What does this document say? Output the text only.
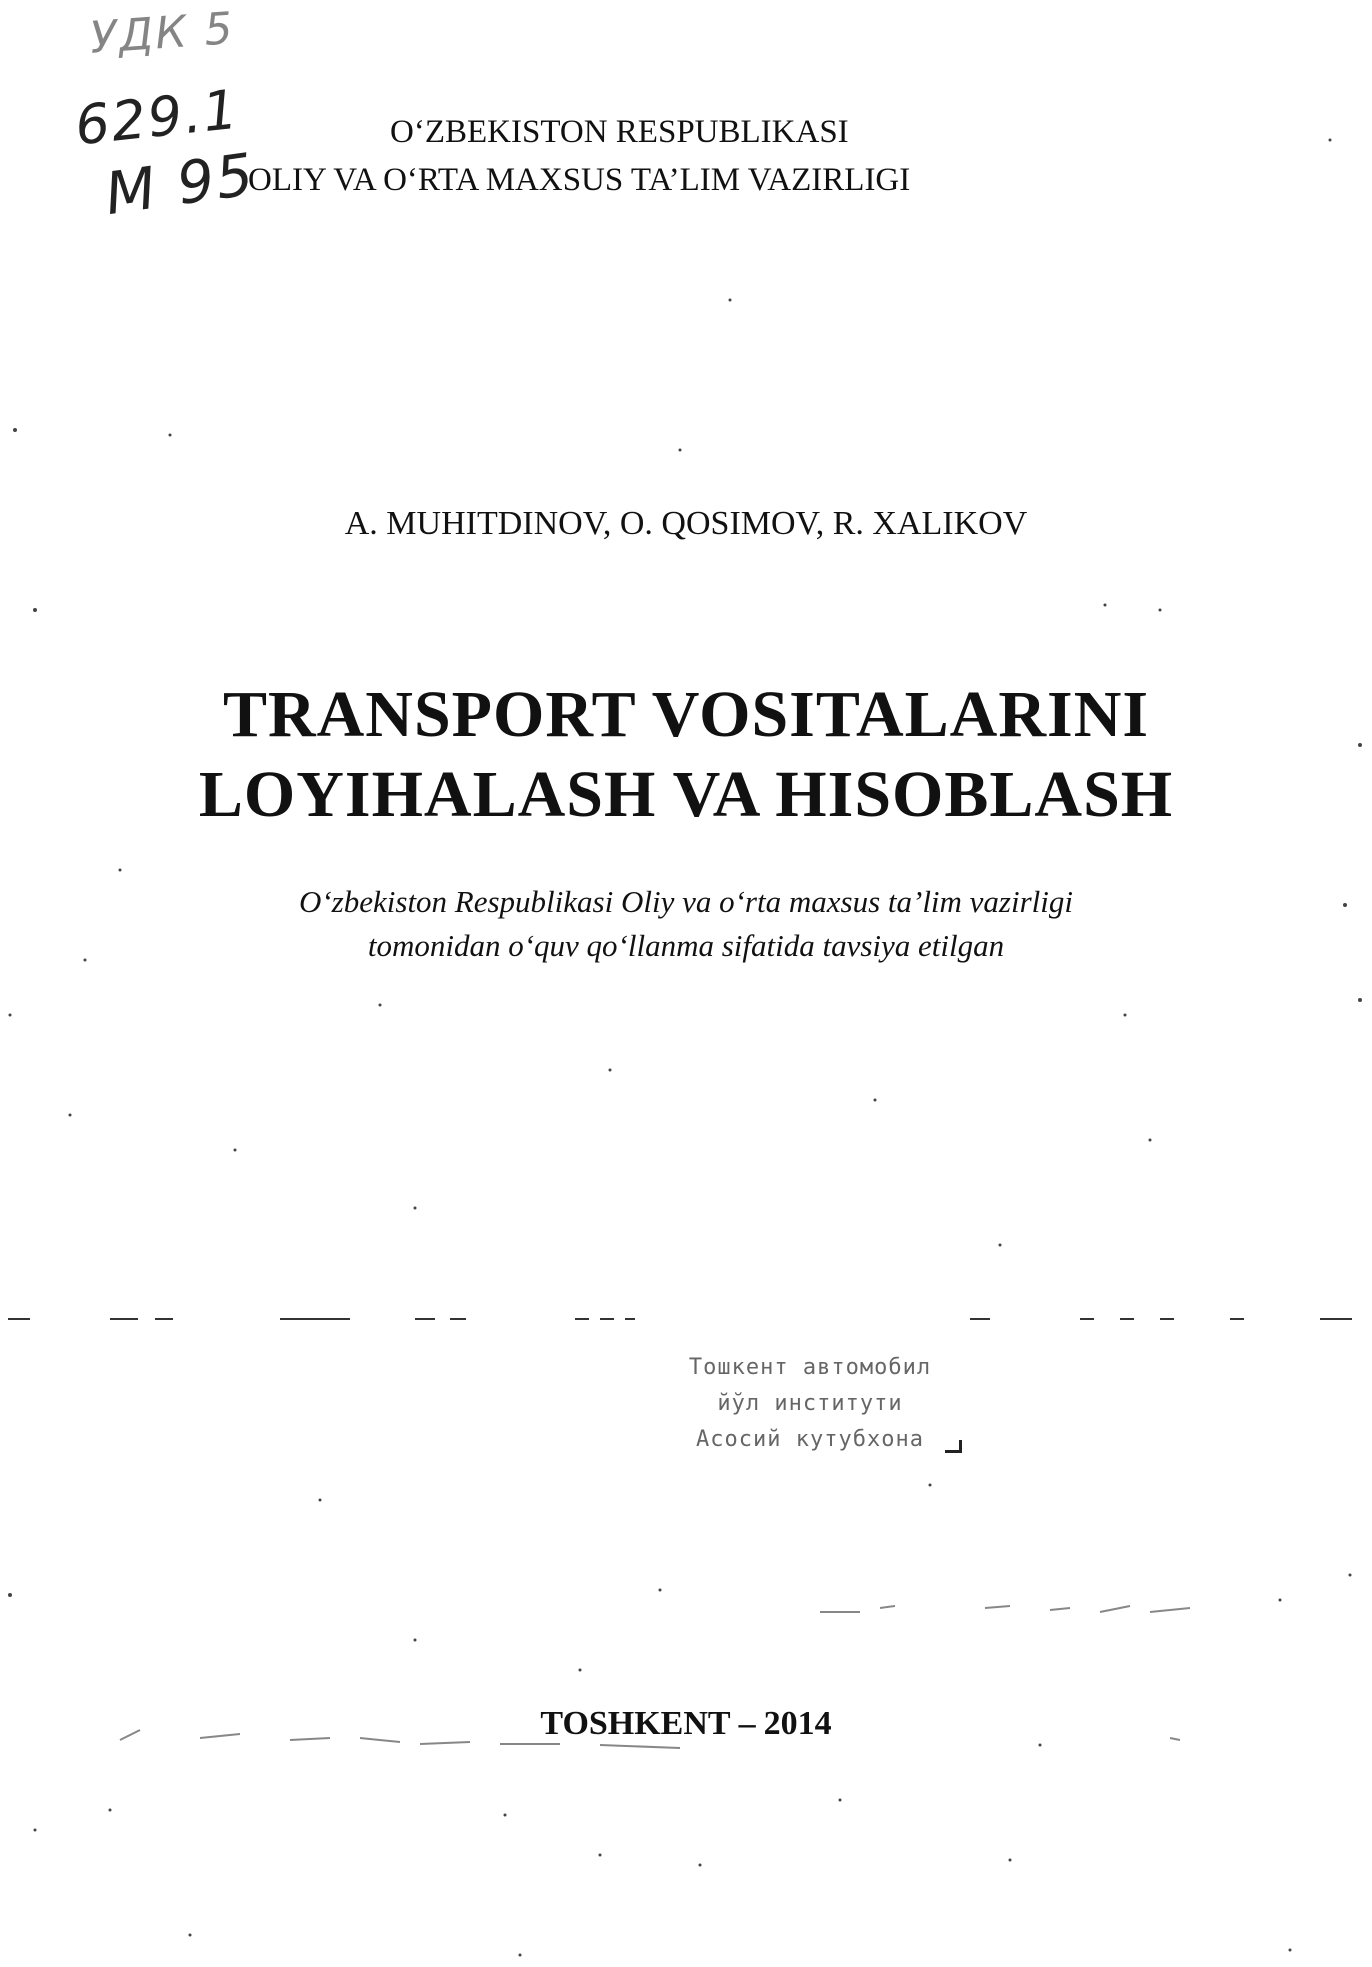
УДК 5
629.1
М 95
O‘ZBEKISTON RESPUBLIKASI
OLIY VA O‘RTA MAXSUS TA’LIM VAZIRLIGI
A. MUHITDINOV, O. QOSIMOV, R. XALIKOV
TRANSPORT VOSITALARINI
LOYIHALASH VA HISOBLASH
O‘zbekiston Respublikasi Oliy va o‘rta maxsus ta’lim vazirligi
tomonidan o‘quv qo‘llanma sifatida tavsiya etilgan
Тошкент автомобил
йўл институти
Асосий кутубхона
TOSHKENT – 2014
